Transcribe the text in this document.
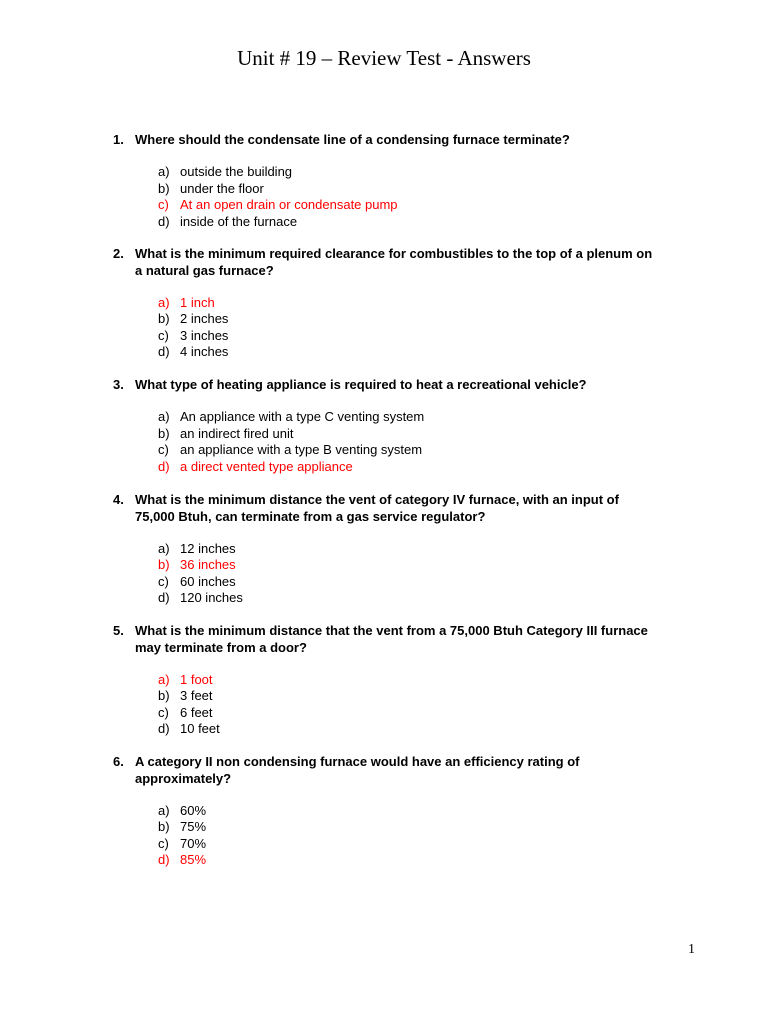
Unit # 19 – Review Test - Answers
1. Where should the condensate line of a condensing furnace terminate?
a) outside the building
b) under the floor
c) At an open drain or condensate pump
d) inside of the furnace
2. What is the minimum required clearance for combustibles to the top of a plenum on
a natural gas furnace?
a) 1 inch
b) 2 inches
c) 3 inches
d) 4 inches
3. What type of heating appliance is required to heat a recreational vehicle?
a) An appliance with a type C venting system
b) an indirect fired unit
c) an appliance with a type B venting system
d) a direct vented type appliance
4. What is the minimum distance the vent of category IV furnace, with an input of
75,000 Btuh, can terminate from a gas service regulator?
a) 12 inches
b) 36 inches
c) 60 inches
d) 120 inches
5. What is the minimum distance that the vent from a 75,000 Btuh Category III furnace
may terminate from a door?
a) 1 foot
b) 3 feet
c) 6 feet
d) 10 feet
6. A category II non condensing furnace would have an efficiency rating of
approximately?
a) 60%
b) 75%
c) 70%
d) 85%
1
